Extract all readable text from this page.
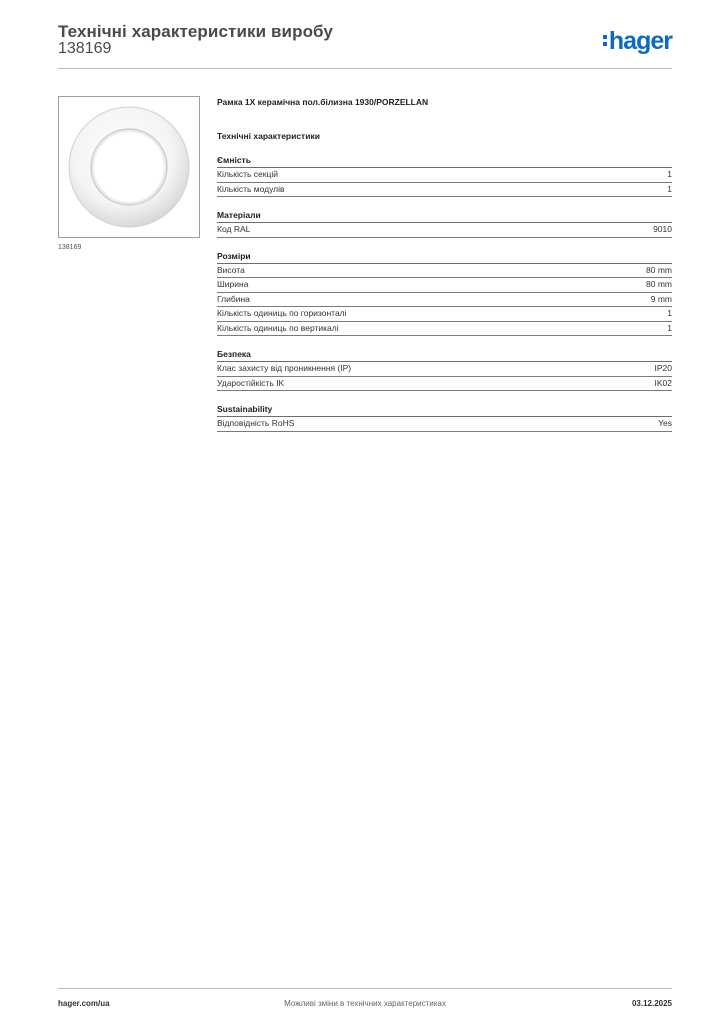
Технічні характеристики виробу
138169	hager
138169
Рамка 1X керамічна пол.білизна 1930/PORZELLAN
Технічні характеристики
Ємність
Кількість секцій	1
Кількість модулів	1
Матеріали
Код RAL	9010
Розміри
Висота	80 mm
Ширина	80 mm
Глибина	9 mm
Кількість одиниць по горизонталі	1
Кількість одиниць по вертикалі	1
Безпека
Клас захисту від проникнення (IP)	IP20
Ударостійкість IK	IK02
Sustainability
Відповідність RoHS	Yes
hager.com/ua	Можливі зміни в технічних характеристиках	03.12.2025
